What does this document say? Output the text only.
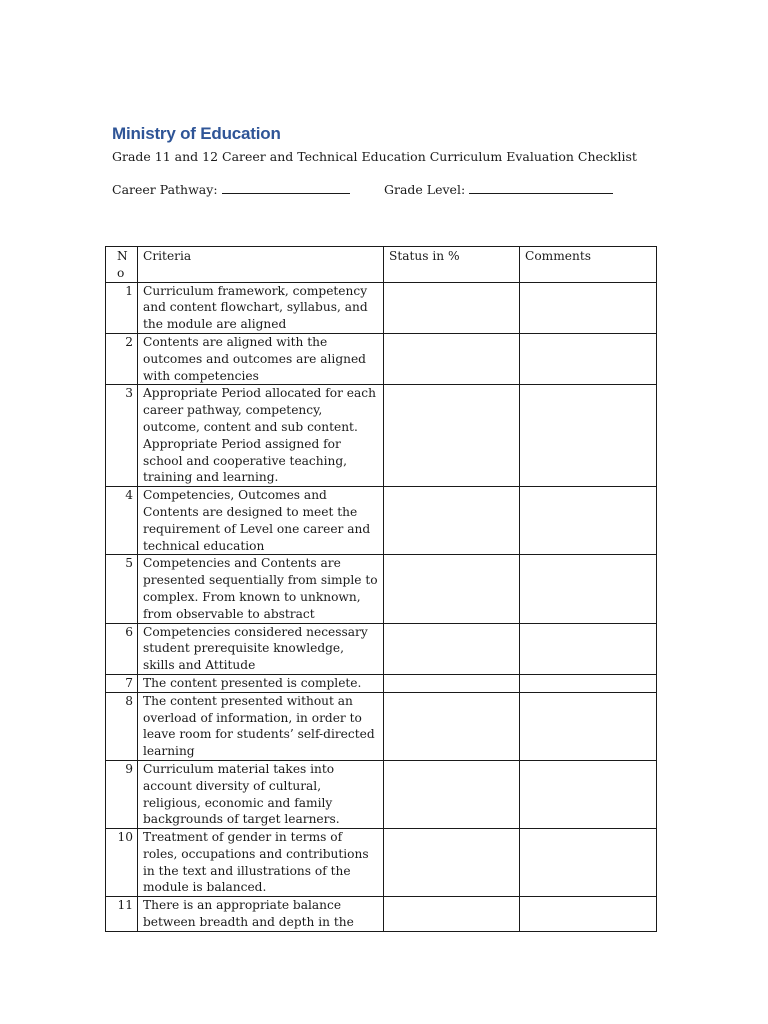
Ministry of Education
Grade 11 and 12 Career and Technical Education Curriculum Evaluation Checklist
Career Pathway:	Grade Level:
No	Criteria	Status in %	Comments
1	Curriculum framework, competency and content flowchart, syllabus, and the module are aligned		
2	Contents are aligned with the outcomes and outcomes are aligned with competencies		
3	Appropriate Period allocated for each career pathway, competency, outcome, content and sub content. Appropriate Period assigned for school and cooperative teaching, training and learning.		
4	Competencies, Outcomes and Contents are designed to meet the requirement of Level one career and technical education		
5	Competencies and Contents are presented sequentially from simple to complex. From known to unknown, from observable to abstract		
6	Competencies considered necessary student prerequisite knowledge, skills and Attitude		
7	The content presented is complete.		
8	The content presented without an overload of information, in order to leave room for students’ self-directed learning		
9	Curriculum material takes into account diversity of cultural, religious, economic and family backgrounds of target learners.		
10	Treatment of gender in terms of roles, occupations and contributions in the text and illustrations of the module is balanced.		
11	There is an appropriate balance between breadth and depth in the		
